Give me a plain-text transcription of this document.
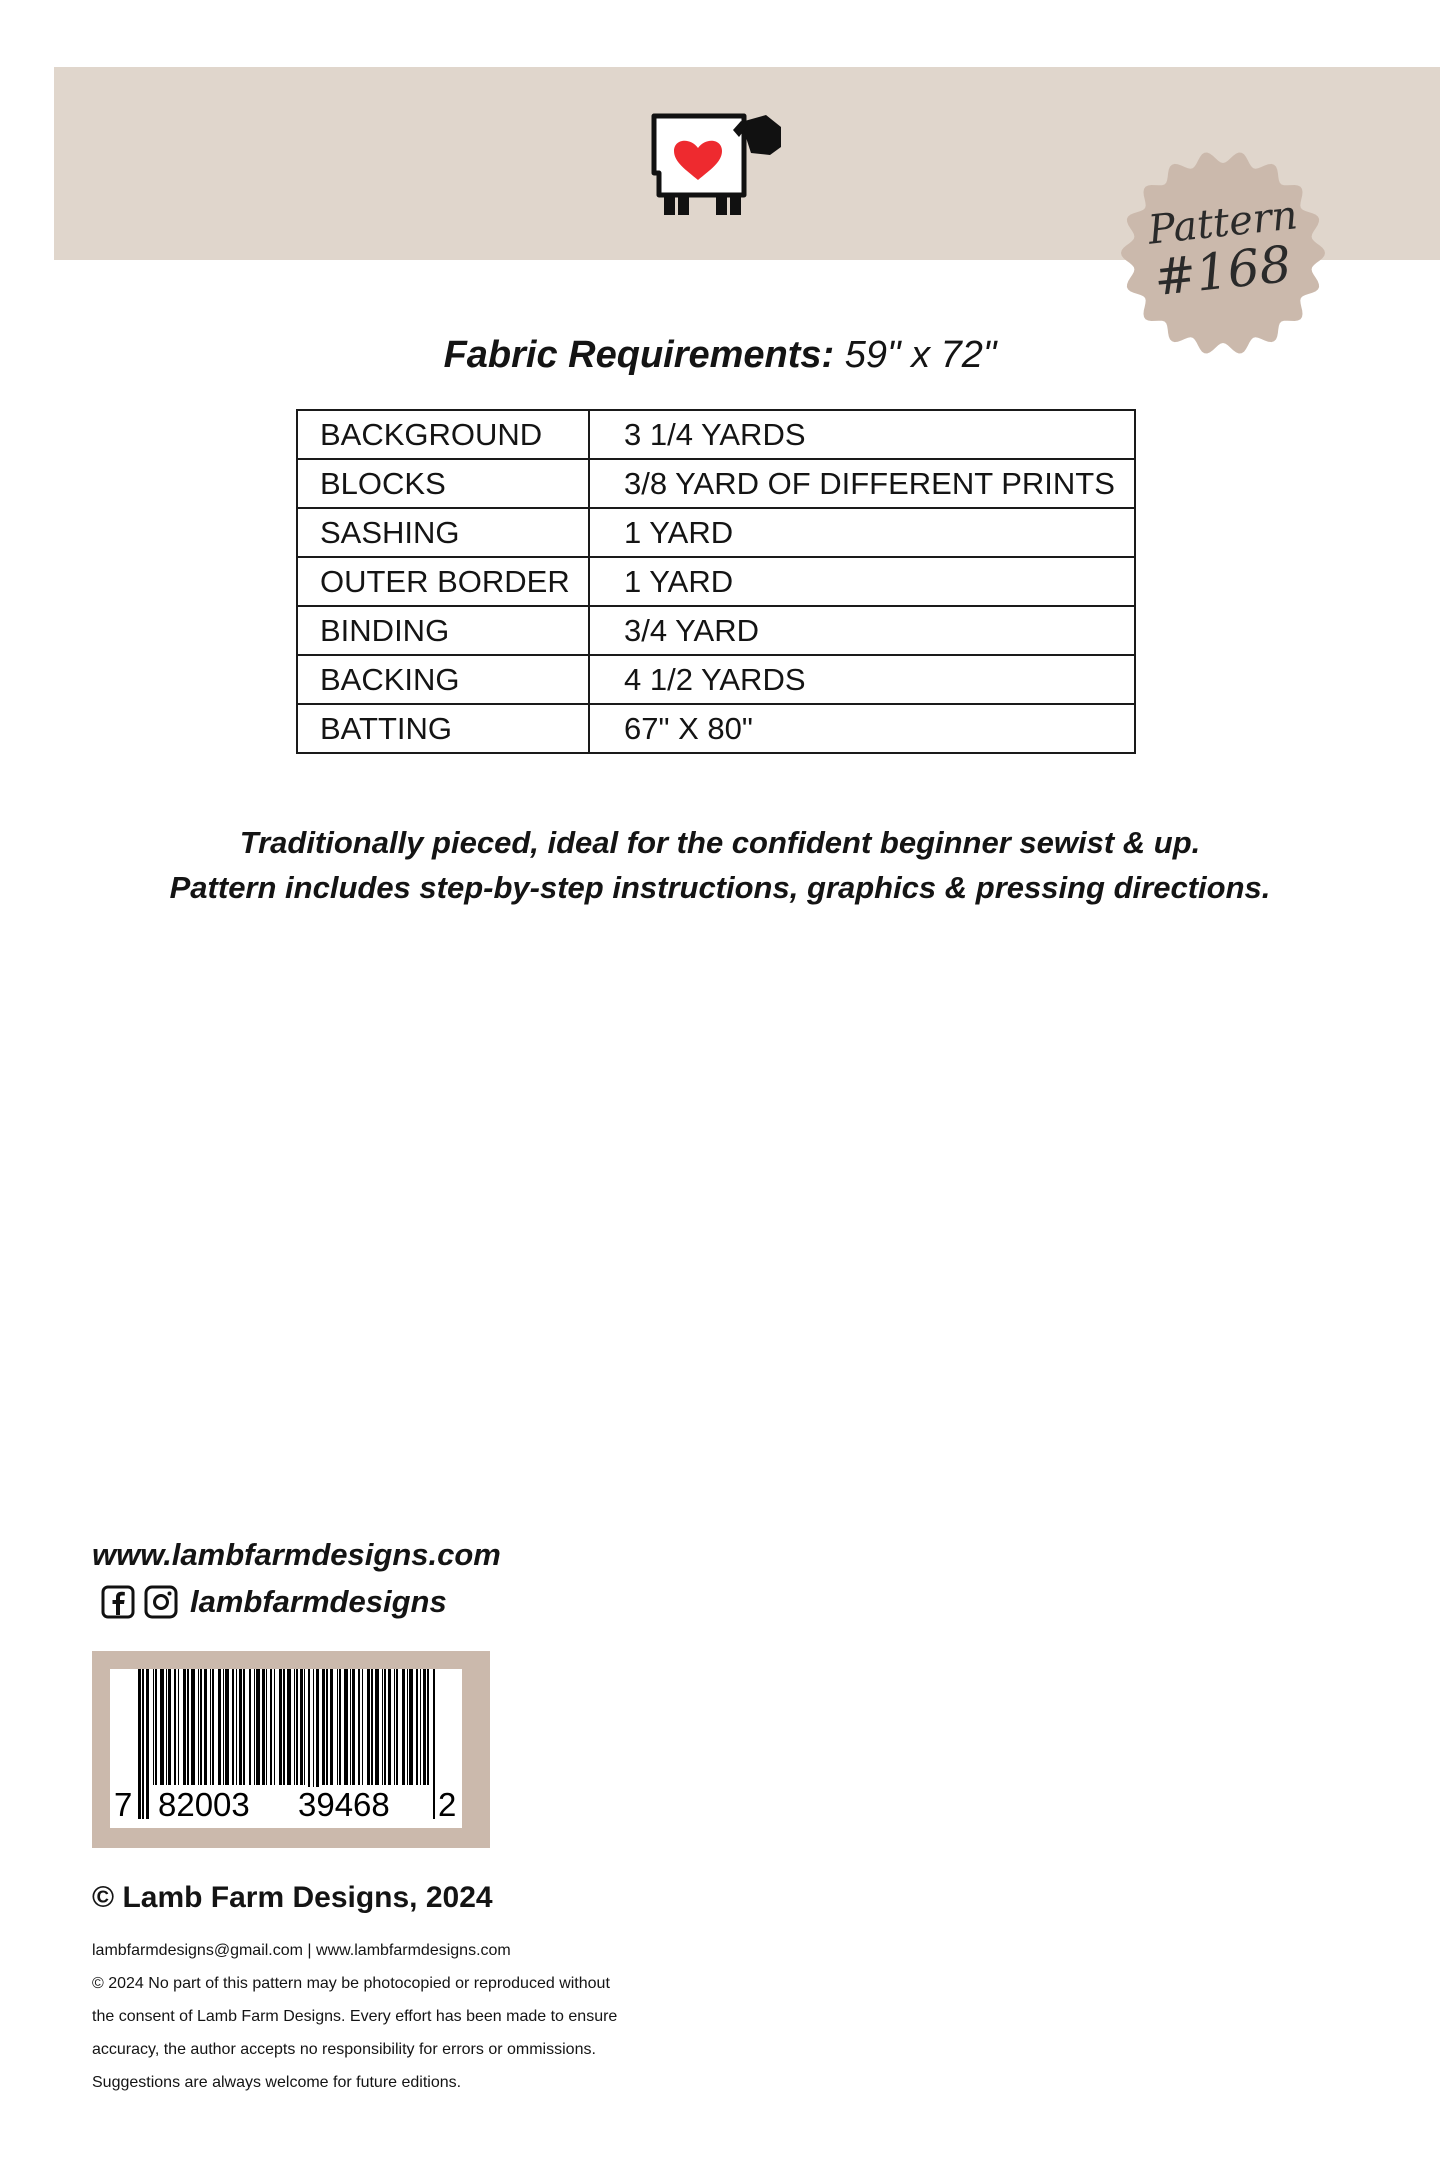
Pattern
#168
Fabric Requirements: 59" x 72"
BACKGROUND	3 1/4 YARDS
BLOCKS	3/8 YARD OF DIFFERENT PRINTS
SASHING	1 YARD
OUTER BORDER	1 YARD
BINDING	3/4 YARD
BACKING	4 1/2 YARDS
BATTING	67" X 80"
Traditionally pieced, ideal for the confident beginner sewist & up.
Pattern includes step-by-step instructions, graphics & pressing directions.
www.lambfarmdesigns.com
lambfarmdesigns
7 82003 39468 2
© Lamb Farm Designs, 2024
lambfarmdesigns@gmail.com | www.lambfarmdesigns.com
© 2024 No part of this pattern may be photocopied or reproduced without
the consent of Lamb Farm Designs. Every effort has been made to ensure
accuracy, the author accepts no responsibility for errors or ommissions.
Suggestions are always welcome for future editions.
